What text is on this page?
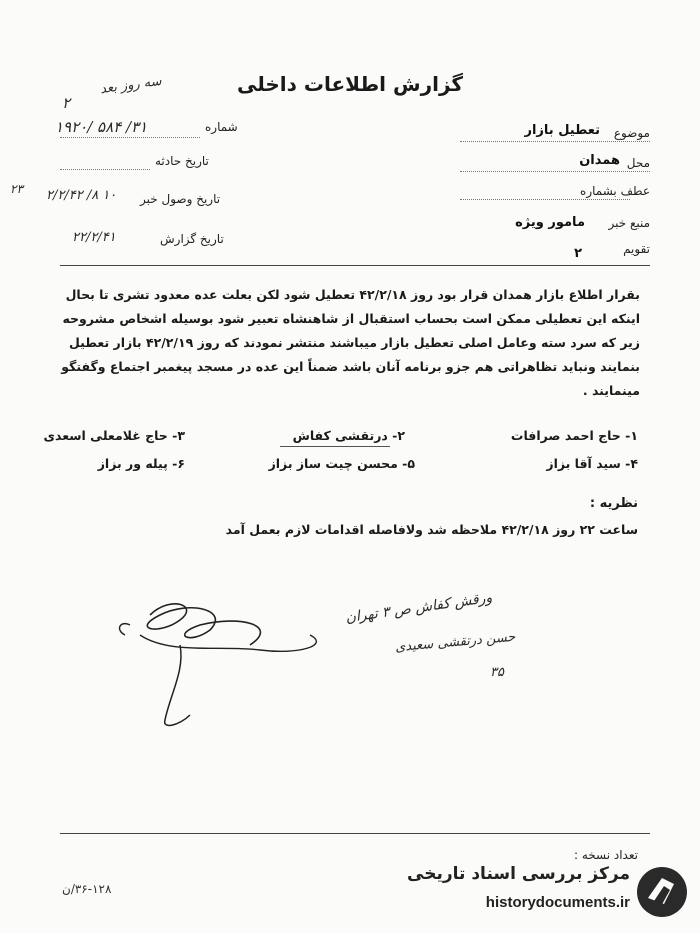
گزارش اطلاعات داخلی
سه روز بعد
۲
شماره
۱۹۲۰/ ۵۸۴ /۳۱
تاریخ حادثه
تاریخ وصول خبر
۲/۲/۴۲ /۸ ۱۰
۲۳
تاریخ گزارش
۲۲/۲/۴۱
موضوع
تعطیل بازار
محل
همدان
عطف بشماره
منبع خبر
مامور ویژه
تقویم
۲

بقرار اطلاع بازار همدان قرار بود روز ۴۲/۲/۱۸ تعطیل شود لکن بعلت عده معدود تشری تا بحال

اینکه این تعطیلی ممکن است بحساب استقبال از شاهنشاه تعبیر شود بوسیله اشخاص مشروحه

زیر که سرد سته وعامل اصلی تعطیل بازار میباشند منتشر نمودند که روز ۴۲/۲/۱۹ بازار تعطیل

بنمایند ونباید تظاهراتی هم جزو برنامه آنان باشد ضمناً این عده در مسجد پیغمبر اجتماع وگفتگو

مینمایند .

۱- حاج احمد صرافات
۲- درتقشی کفاش
۳- حاج غلامعلی اسعدی
۴- سید آقا بزاز
۵- محسن چیت ساز بزاز
۶- پیله ور بزاز
نظریه :
ساعت ۲۲ روز ۴۲/۲/۱۸ ملاحظه شد ولافاصله اقدامات لازم بعمل آمد
ورقش کفاش ص ۳ تهران
حسن درتقشی سعیدی
۳۵
تعداد نسخه :
۳۶-۱۲۸/ن
مرکز بررسی اسناد تاریخی
historydocuments.ir
